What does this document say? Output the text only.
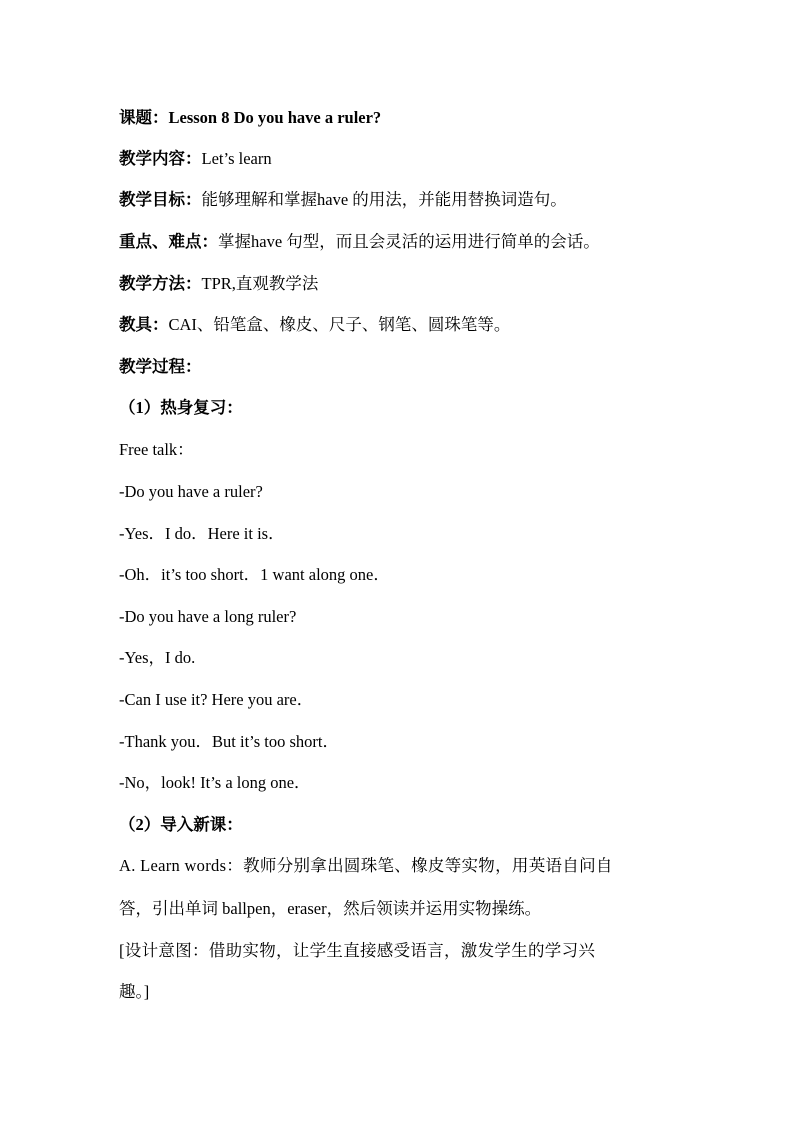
课题：Lesson 8 Do you have a ruler?
教学内容：Let’s learn
教学目标：能够理解和掌握have 的用法，并能用替换词造句。
重点、难点：掌握have 句型，而且会灵活的运用进行简单的会话。
教学方法：TPR,直观教学法
教具：CAI、铅笔盒、橡皮、尺子、钢笔、圆珠笔等。
教学过程：
（1）热身复习：
Free talk：
-Do you have a ruler?
-Yes．I do．Here it is．
-Oh．it’s too short．1 want along one．
-Do you have a long ruler?
-Yes，I do.
-Can I use it? Here you are．
-Thank you．But it’s too short．
-No，look! It’s a long one．
（2）导入新课：
A. Learn words：教师分别拿出圆珠笔、橡皮等实物，用英语自问自
答，引出单词 ballpen，eraser，然后领读并运用实物操练。
[设计意图：借助实物，让学生直接感受语言，激发学生的学习兴
趣。]
